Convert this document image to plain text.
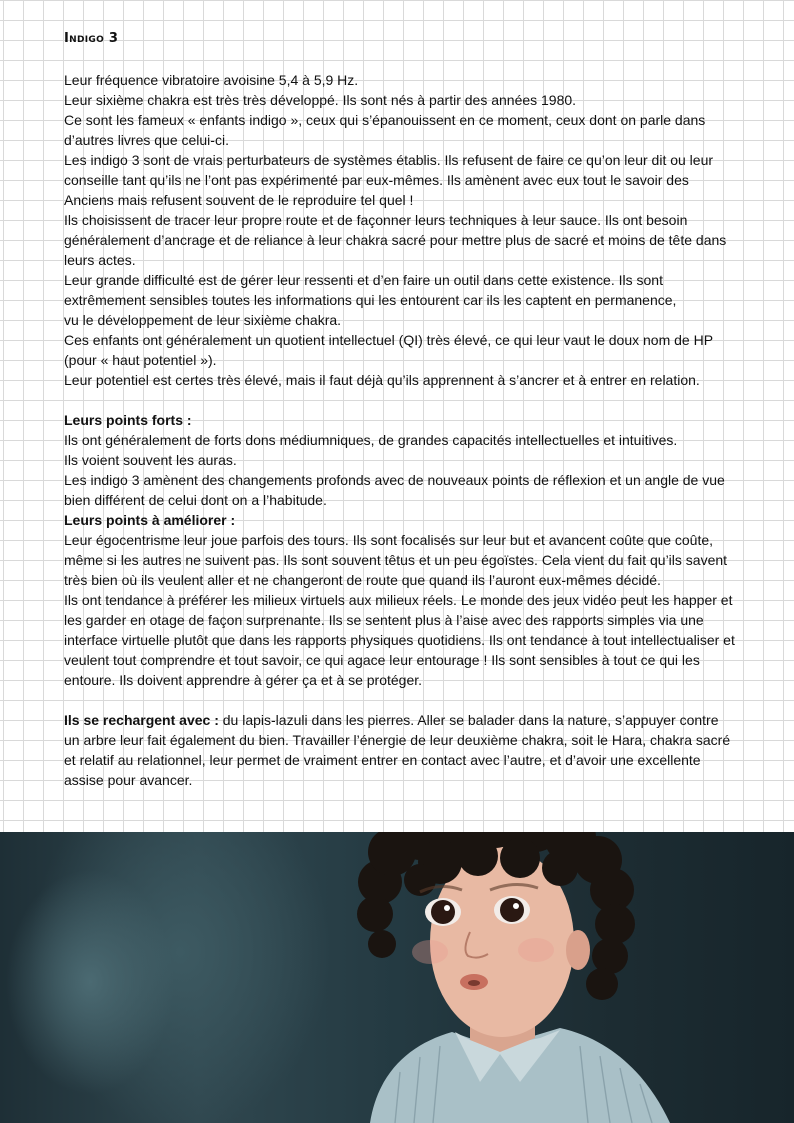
Indigo 3

Leur fréquence vibratoire avoisine 5,4 à 5,9 Hz.

Leur sixième chakra est très très développé. Ils sont nés à partir des années 1980.

Ce sont les fameux « enfants indigo », ceux qui s’épanouissent en ce moment, ceux dont on parle dans d’autres livres que celui-ci.

Les indigo 3 sont de vrais perturbateurs de systèmes établis. Ils refusent de faire ce qu’on leur dit ou leur conseille tant qu’ils ne l’ont pas expérimenté par eux-mêmes. Ils amènent avec eux tout le savoir des Anciens mais refusent souvent de le reproduire tel quel !

Ils choisissent de tracer leur propre route et de façonner leurs techniques à leur sauce. Ils ont besoin généralement d’ancrage et de reliance à leur chakra sacré pour mettre plus de sacré et moins de tête dans leurs actes.

Leur grande difficulté est de gérer leur ressenti et d’en faire un outil dans cette existence. Ils sont extrêmement sensibles toutes les informations qui les entourent car ils les captent en permanence,

vu le développement de leur sixième chakra.

Ces enfants ont généralement un quotient intellectuel (QI) très élevé, ce qui leur vaut le doux nom de HP (pour « haut potentiel »).

Leur potentiel est certes très élevé, mais il faut déjà qu’ils apprennent à s’ancrer et à entrer en relation.

Leurs points forts :

Ils ont généralement de forts dons médiumniques, de grandes capacités intellectuelles et intuitives.

Ils voient souvent les auras.

Les indigo 3 amènent des changements profonds avec de nouveaux points de réflexion et un angle de vue bien différent de celui dont on a l’habitude.

Leurs points à améliorer :

Leur égocentrisme leur joue parfois des tours. Ils sont focalisés sur leur but et avancent coûte que coûte, même si les autres ne suivent pas. Ils sont souvent têtus et un peu égoïstes. Cela vient du fait qu’ils savent très bien où ils veulent aller et ne changeront de route que quand ils l’auront eux-mêmes décidé.

Ils ont tendance à préférer les milieux virtuels aux milieux réels. Le monde des jeux vidéo peut les happer et les garder en otage de façon surprenante. Ils se sentent plus à l’aise avec des rapports simples via une interface virtuelle plutôt que dans les rapports physiques quotidiens. Ils ont tendance à tout intellectualiser et veulent tout comprendre et tout savoir, ce qui agace leur entourage ! Ils sont sensibles à tout ce qui les entoure. Ils doivent apprendre à gérer ça et à se protéger.

Ils se rechargent avec : du lapis-lazuli dans les pierres. Aller se balader dans la nature, s’appuyer contre un arbre leur fait également du bien. Travailler l’énergie de leur deuxième chakra, soit le Hara, chakra sacré et relatif au relationnel, leur permet de vraiment entrer en contact avec l’autre, et d’avoir une excellente assise pour avancer.
